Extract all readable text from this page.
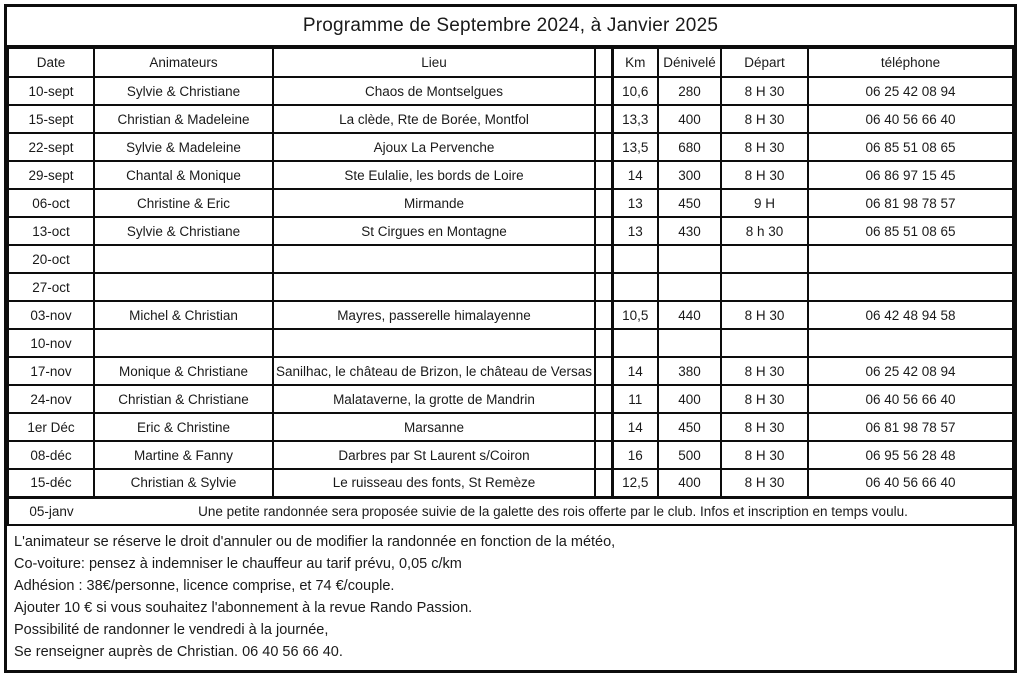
Programme de Septembre 2024, à Janvier 2025
Date	Animateurs	Lieu		Km	Dénivelé	Départ	téléphone
10-sept	Sylvie & Christiane	Chaos de Montselgues		10,6	280	8 H 30	06 25 42 08 94
15-sept	Christian & Madeleine	La clède, Rte de Borée, Montfol		13,3	400	8 H 30	06 40 56 66 40
22-sept	Sylvie & Madeleine	Ajoux La Pervenche		13,5	680	8 H 30	06 85 51 08 65
29-sept	Chantal & Monique	Ste Eulalie, les bords de Loire		14	300	8 H 30	06 86 97 15 45
06-oct	Christine & Eric	Mirmande		13	450	9 H	06 81 98 78 57
13-oct	Sylvie & Christiane	St Cirgues en Montagne		13	430	8 h 30	06 85 51 08 65
20-oct							
27-oct							
03-nov	Michel & Christian	Mayres, passerelle himalayenne		10,5	440	8 H 30	06 42 48 94 58
10-nov							
17-nov	Monique & Christiane	Sanilhac, le château de Brizon, le château de Versas		14	380	8 H 30	06 25 42 08 94
24-nov	Christian & Christiane	Malataverne, la grotte de Mandrin		11	400	8 H 30	06 40 56 66 40
1er Déc	Eric & Christine	Marsanne		14	450	8 H 30	06 81 98 78 57
08-déc	Martine & Fanny	Darbres par St Laurent s/Coiron		16	500	8 H 30	06 95 56 28 48
15-déc	Christian & Sylvie	Le ruisseau des fonts, St Remèze		12,5	400	8 H 30	06 40 56 66 40
05-janv	Une petite randonnée sera proposée suivie de la galette des rois offerte par le club. Infos et inscription en temps voulu.						

L'animateur se réserve le droit d'annuler ou de modifier la randonnée en fonction de la météo,

Co-voiture: pensez à indemniser le chauffeur au tarif prévu, 0,05 c/km

Adhésion : 38€/personne, licence comprise, et 74 €/couple.

Ajouter 10 € si vous souhaitez l'abonnement à la revue Rando Passion.

Possibilité de randonner le vendredi à la journée,

Se renseigner auprès de Christian. 06 40 56 66 40.
